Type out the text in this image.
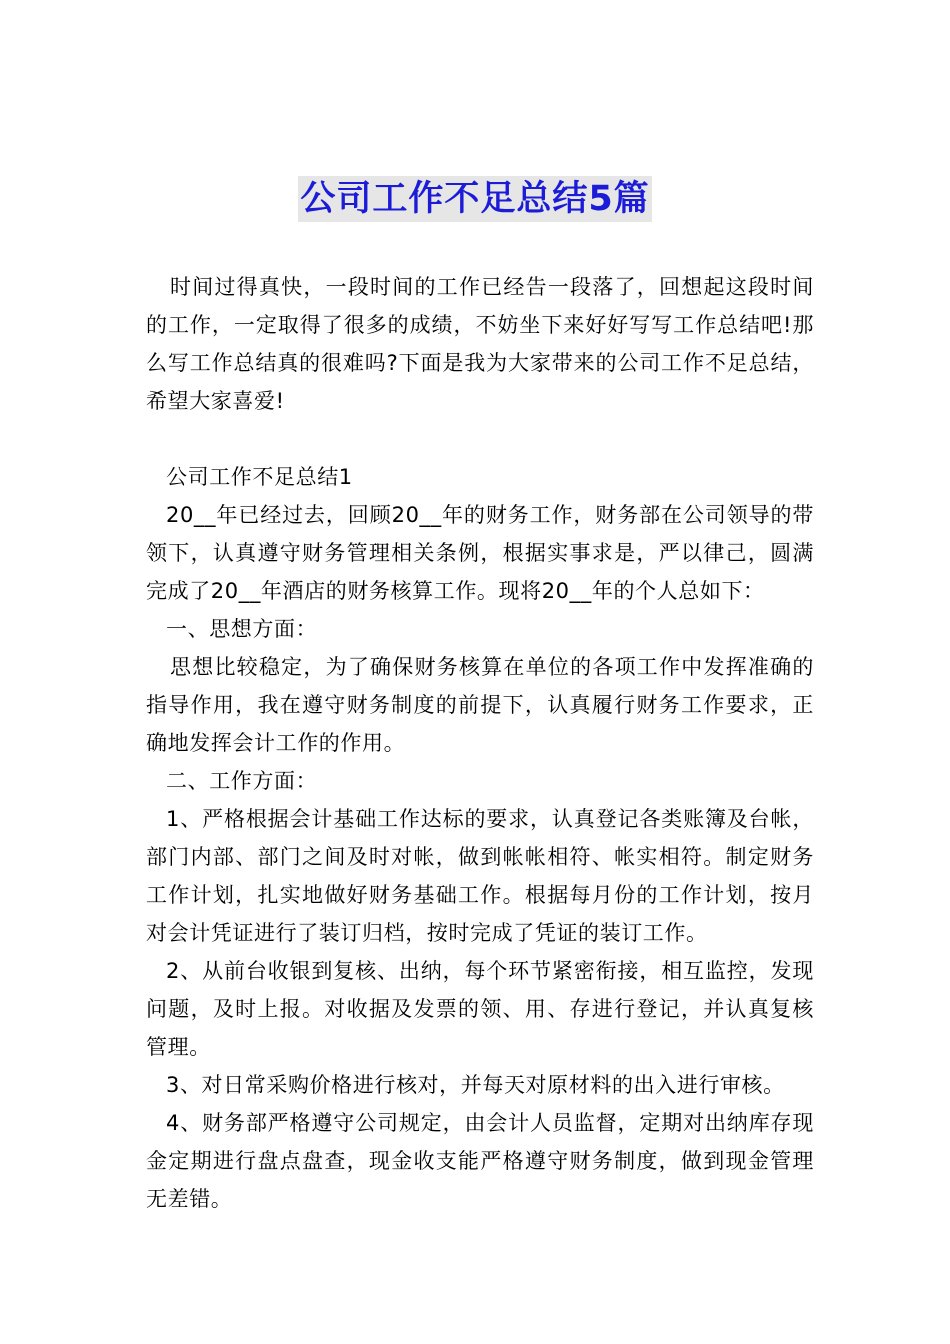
公司工作不足总结5篇

时间过得真快，一段时间的工作已经告一段落了，回想起这段时间的工作，一定取得了很多的成绩，不妨坐下来好好写写工作总结吧!那么写工作总结真的很难吗?下面是我为大家带来的公司工作不足总结，希望大家喜爱!

公司工作不足总结1

20__年已经过去，回顾20__年的财务工作，财务部在公司领导的带领下，认真遵守财务管理相关条例，根据实事求是，严以律己，圆满完成了20__年酒店的财务核算工作。现将20__年的个人总如下：

一、思想方面：

思想比较稳定，为了确保财务核算在单位的各项工作中发挥准确的指导作用，我在遵守财务制度的前提下，认真履行财务工作要求，正确地发挥会计工作的作用。

二、工作方面：

1、严格根据会计基础工作达标的要求，认真登记各类账簿及台帐，部门内部、部门之间及时对帐，做到帐帐相符、帐实相符。制定财务工作计划，扎实地做好财务基础工作。根据每月份的工作计划，按月对会计凭证进行了装订归档，按时完成了凭证的装订工作。

2、从前台收银到复核、出纳，每个环节紧密衔接，相互监控，发现问题，及时上报。对收据及发票的领、用、存进行登记，并认真复核管理。

3、对日常采购价格进行核对，并每天对原材料的出入进行审核。

4、财务部严格遵守公司规定，由会计人员监督，定期对出纳库存现金定期进行盘点盘查，现金收支能严格遵守财务制度，做到现金管理无差错。
